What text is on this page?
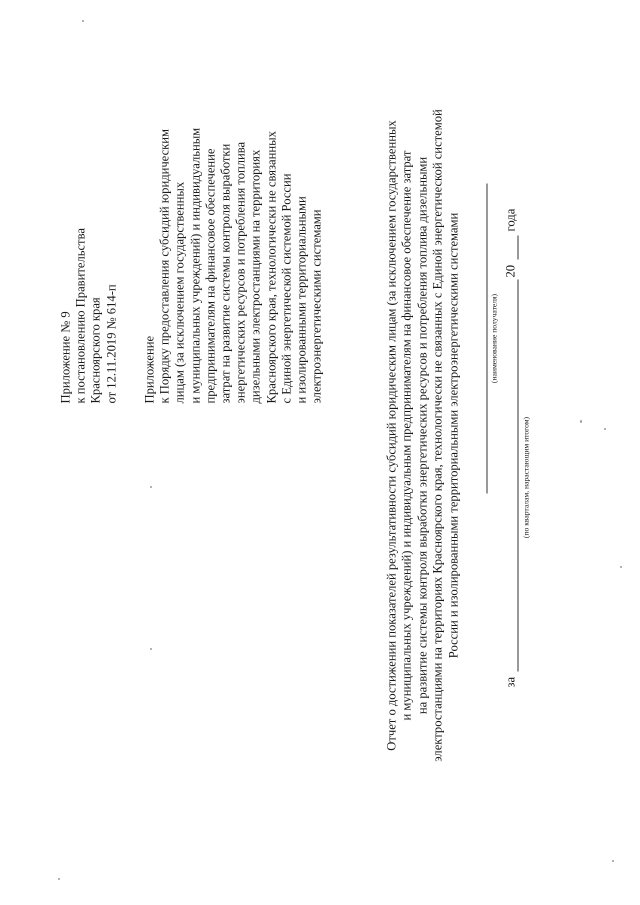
Приложение № 9 к постановлению Правительства Красноярского края от 12.11.2019 № 614-п Приложение к Порядку предоставления субсидий юридическим лицам (за исключением государственных и муниципальных учреждений) и индивидуальным предпринимателям на финансовое обеспечение затрат на развитие системы контроля выработки энергетических ресурсов и потребления топлива дизельными электростанциями на территориях Красноярского края, технологически не связанных с Единой энергетической системой России и изолированными территориальными электроэнергетическими системами	Отчет о достижении показателей результативности субсидий юридическим лицам (за исключением государственных и муниципальных учреждений) и индивидуальным предпринимателям на финансовое обеспечение затрат на развитие системы контроля выработки энергетических ресурсов и потребления топлива дизельными электростанциями на территориях Красноярского края, технологически не связанных с Единой энергетической системой России и изолированными территориальными электроэнергетическими системами	(наименование получателя)
за
20
года
(по кварталам, нарастающим итогом)
